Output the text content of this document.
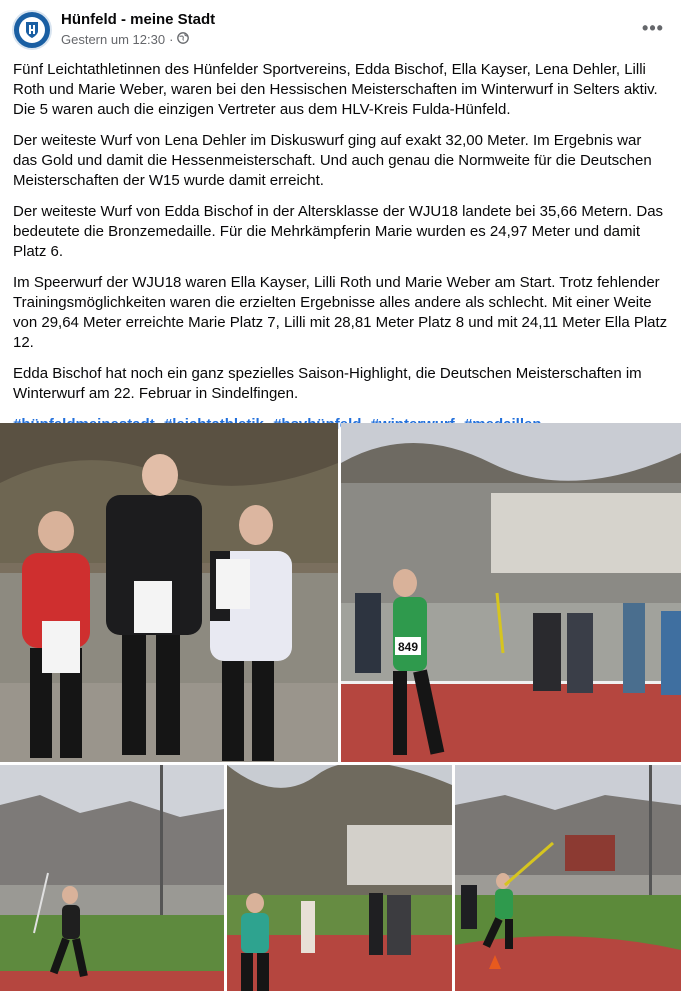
Hünfeld - meine Stadt
Gestern um 12:30 ·
•••

Fünf Leichtathletinnen des Hünfelder Sportvereins, Edda Bischof, Ella Kayser, Lena Dehler, Lilli Roth und Marie Weber, waren bei den Hessischen Meisterschaften im Winterwurf in Selters aktiv. Die 5 waren auch die einzigen Vertreter aus dem HLV-Kreis Fulda-Hünfeld.

Der weiteste Wurf von Lena Dehler im Diskuswurf ging auf exakt 32,00 Meter. Im Ergebnis war das Gold und damit die Hessenmeisterschaft. Und auch genau die Normweite für die Deutschen Meisterschaften der W15 wurde damit erreicht.

Der weiteste Wurf von Edda Bischof in der Altersklasse der WJU18 landete bei 35,66 Metern. Das bedeutete die Bronzemedaille. Für die Mehrkämpferin Marie wurden es 24,97 Meter und damit Platz 6.

Im Speerwurf der WJU18 waren Ella Kayser, Lilli Roth und Marie Weber am Start. Trotz fehlender Trainingsmöglichkeiten waren die erzielten Ergebnisse alles andere als schlecht. Mit einer Weite von 29,64 Meter erreichte Marie Platz 7, Lilli mit 28,81 Meter Platz 8 und mit 24,11 Meter Ella Platz 12.

Edda Bischof hat noch ein ganz spezielles Saison-Highlight, die Deutschen Meisterschaften im Winterwurf am 22. Februar in Sindelfingen.

849
